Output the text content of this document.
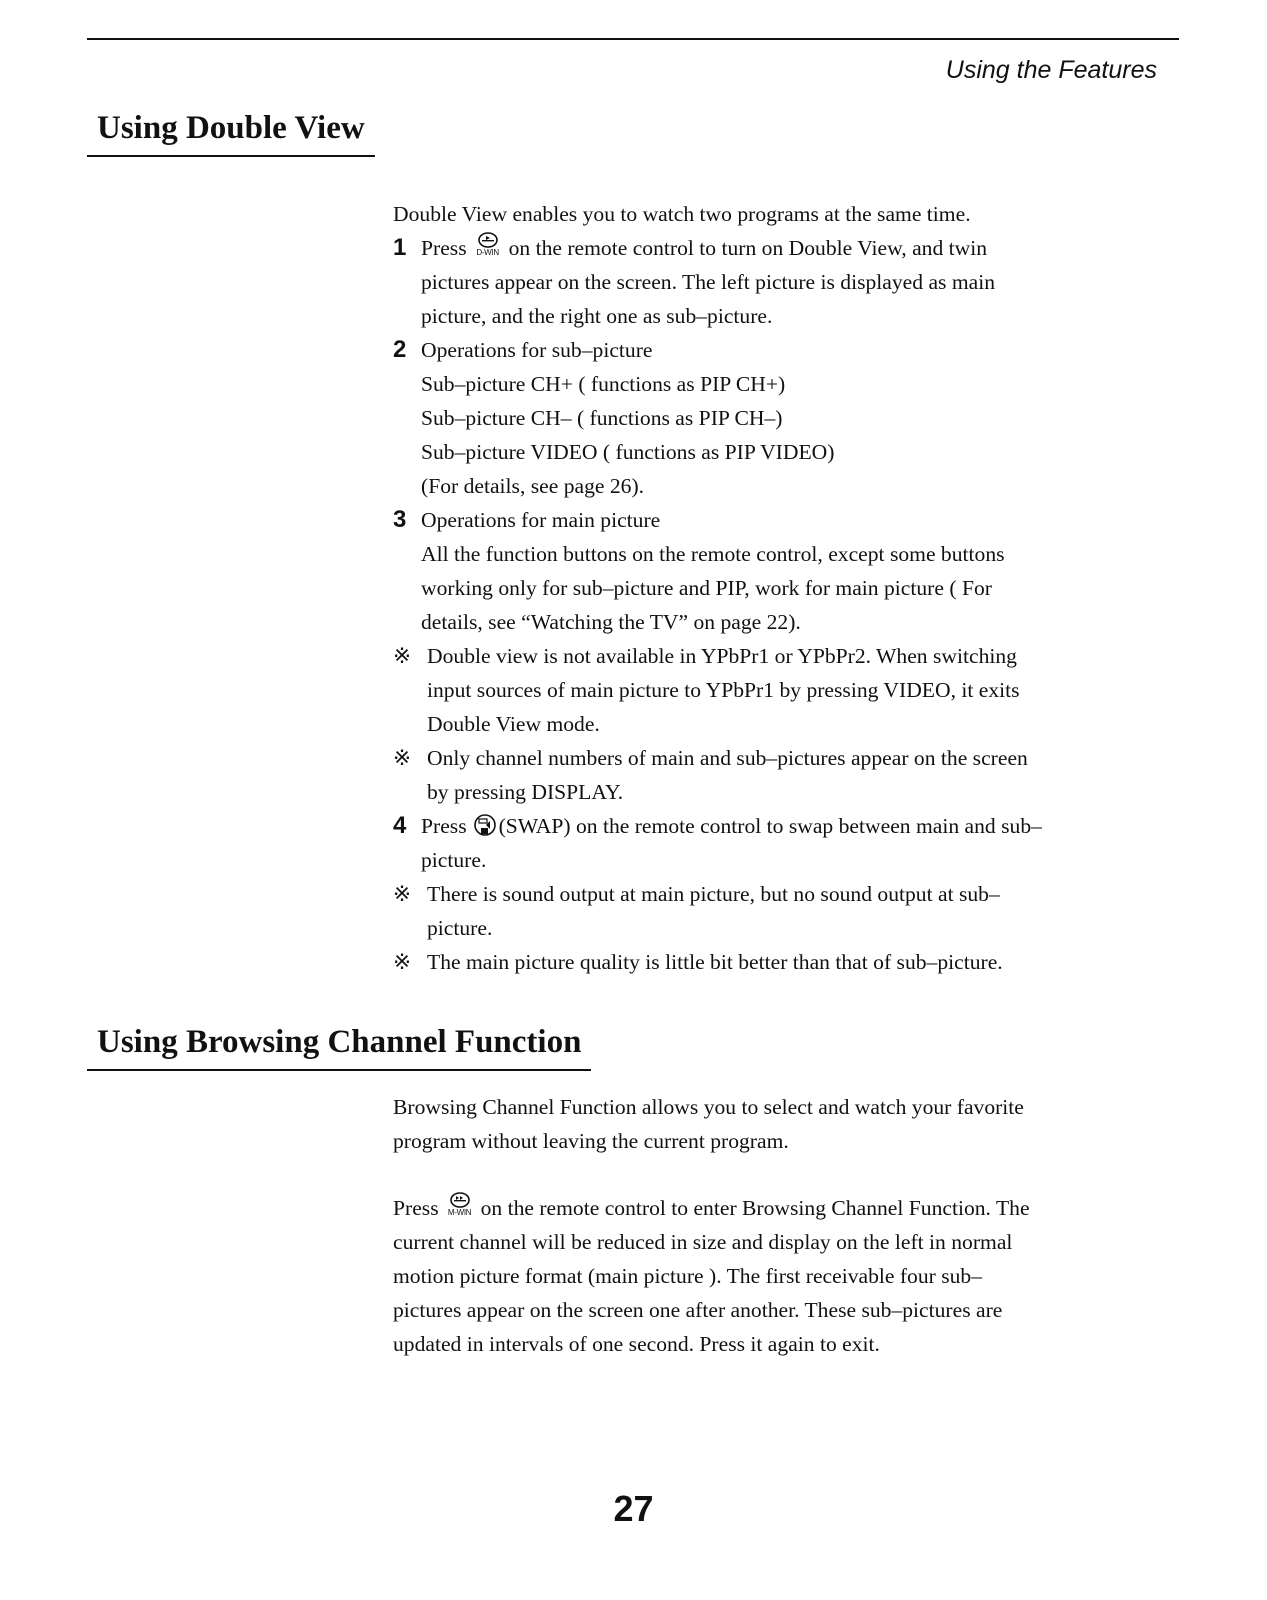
Using the Features
Using Double View

Double View enables you to watch two programs at the same time.

1 Press	D-WIN on the remote control to turn on Double View, and twin

pictures appear on the screen. The left picture is displayed as main

picture, and the right one as sub–picture.

2 Operations for sub–picture

Sub–picture CH+ ( functions as PIP CH+)

Sub–picture CH– ( functions as PIP CH–)

Sub–picture VIDEO ( functions as PIP VIDEO)

(For details, see page 26).

3 Operations for main picture

All the function buttons on the remote control, except some buttons

working only for sub–picture and PIP, work for main picture ( For

details, see “Watching the TV” on page 22).

※ Double view is not available in YPbPr1 or YPbPr2. When switching

input sources of main picture to YPbPr1 by pressing VIDEO, it exits

Double View mode.

※ Only channel numbers of main and sub–pictures appear on the screen

by pressing DISPLAY.

4 Press (SWAP) on the remote control to swap between main and sub–

picture.

※ There is sound output at main picture, but no sound output at sub–

picture.

※ The main picture quality is little bit better than that of sub–picture.

Using Browsing Channel Function

Browsing Channel Function allows you to select and watch your favorite

program without leaving the current program.

Press	M-WIN on the remote control to enter Browsing Channel Function. The

current channel will be reduced in size and display on the left in normal

motion picture format (main picture ). The first receivable four sub–

pictures appear on the screen one after another. These sub–pictures are

updated in intervals of one second. Press it again to exit.

27
